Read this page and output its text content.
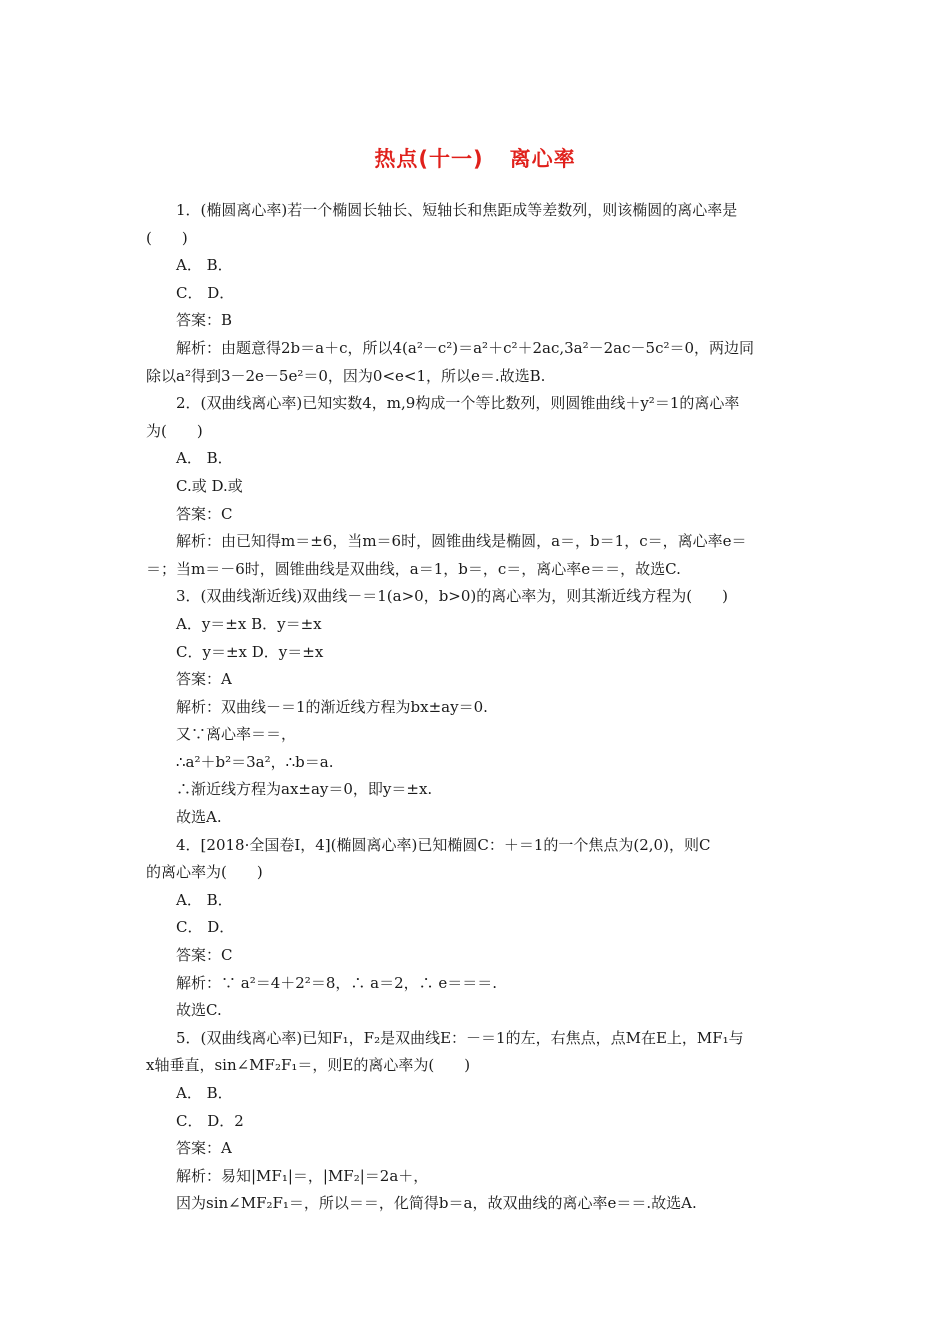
热点(十一) 离心率
1．(椭圆离心率)若一个椭圆长轴长、短轴长和焦距成等差数列，则该椭圆的离心率是
(　　)
A． B．
C． D．
答案：B
解析：由题意得2b＝a＋c，所以4(a²－c²)＝a²＋c²＋2ac,3a²－2ac－5c²＝0，两边同
除以a²得到3－2e－5e²＝0，因为0<e<1，所以e＝.故选B.
2．(双曲线离心率)已知实数4，m,9构成一个等比数列，则圆锥曲线＋y²＝1的离心率
为(　　)
A． B．
C.或 D.或
答案：C
解析：由已知得m＝±6，当m＝6时，圆锥曲线是椭圆，a＝，b＝1，c＝，离心率e＝
＝；当m＝－6时，圆锥曲线是双曲线，a＝1，b＝，c＝，离心率e＝＝，故选C.
3．(双曲线渐近线)双曲线－＝1(a>0，b>0)的离心率为，则其渐近线方程为(　　)
A．y＝±x B．y＝±x
C．y＝±x D．y＝±x
答案：A
解析：双曲线－＝1的渐近线方程为bx±ay＝0.
又∵离心率＝＝，
∴a²＋b²＝3a²，∴b＝a.
∴渐近线方程为ax±ay＝0，即y＝±x.
故选A.
4．[2018·全国卷Ⅰ，4](椭圆离心率)已知椭圆C：＋＝1的一个焦点为(2,0)，则C
的离心率为(　　)
A． B．
C． D．
答案：C
解析：∵ a²＝4＋2²＝8，∴ a＝2，∴ e＝＝＝.
故选C.
5．(双曲线离心率)已知F₁，F₂是双曲线E：－＝1的左，右焦点，点M在E上，MF₁与
x轴垂直，sin∠MF₂F₁＝，则E的离心率为(　　)
A． B．
C． D．2
答案：A
解析：易知|MF₁|＝，|MF₂|＝2a＋，
因为sin∠MF₂F₁＝，所以＝＝，化简得b＝a，故双曲线的离心率e＝＝.故选A.
